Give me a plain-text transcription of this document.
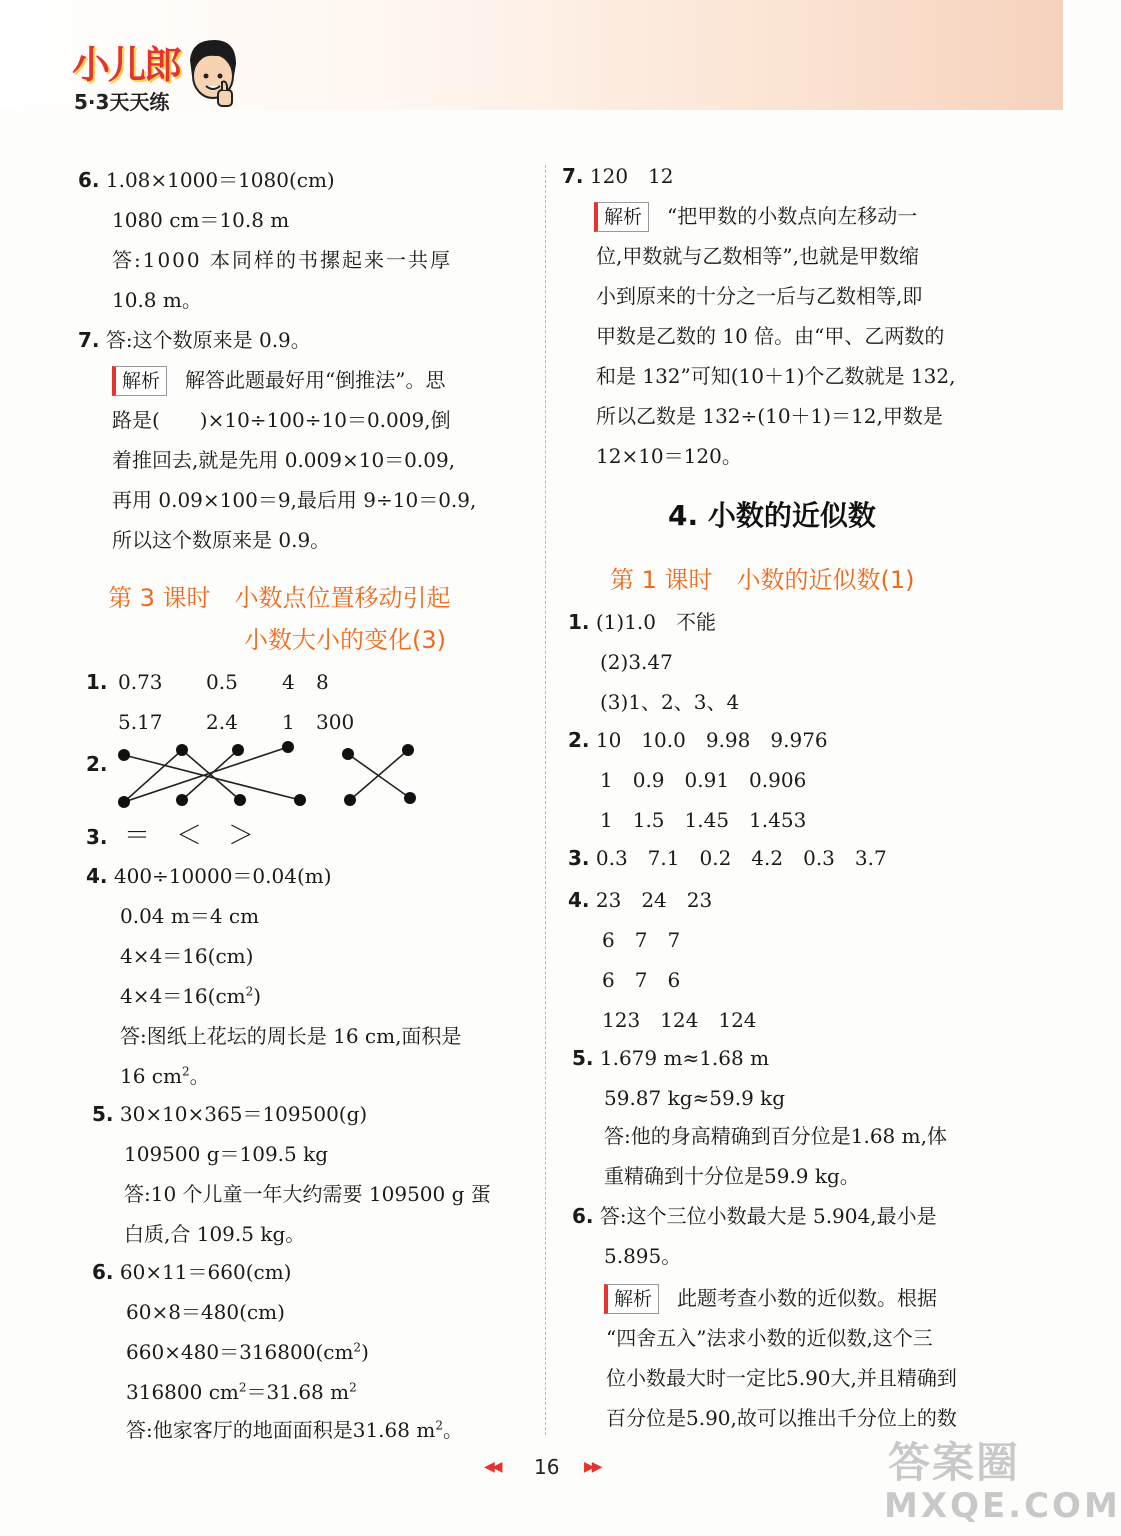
小儿郎
5·3天天练
6. 1.08×1000＝1080(cm)
1080 cm＝10.8 m
答:1000 本同样的书摞起来一共厚
10.8 m。
7. 答:这个数原来是 0.9。
解析 解答此题最好用“倒推法”。思
路是(　　)×10÷100÷10＝0.009,倒
着推回去,就是先用 0.009×10＝0.09,
再用 0.09×100＝9,最后用 9÷10＝0.9,
所以这个数原来是 0.9。
第 3 课时　小数点位置移动引起
小数大小的变化(3)
1. 0.73 0.5 4 8
5.17 2.4 1 300
2.
3. ＝　＜　＞
4. 400÷10000＝0.04(m)
0.04 m＝4 cm
4×4＝16(cm)
$4\times 4=16(cm^2)$
答:图纸上花坛的周长是 16 cm,面积是
16 $cm^2$。
5. 30×10×365＝109500(g)
109500 g＝109.5 kg
答:10 个儿童一年大约需要 109500 g 蛋
白质,合 109.5 kg。
6. 60×11＝660(cm)
60×8＝480(cm)
$660\times 480=316800(cm^2)$
316800 $cm^2=31.68$ $m^2$
答:他家客厅的地面面积是31.68 $m^2$。
7. 120　12
解析 “把甲数的小数点向左移动一
位,甲数就与乙数相等”,也就是甲数缩
小到原来的十分之一后与乙数相等,即
甲数是乙数的 10 倍。由“甲、乙两数的
和是 132”可知(10＋1)个乙数就是 132,
所以乙数是 132÷(10＋1)＝12,甲数是
12×10＝120。
4. 小数的近似数
第 1 课时　小数的近似数(1)
1. (1)1.0　不能
(2)3.47
(3)1、2、3、4
2. 10　10.0　9.98　9.976
1　0.9　0.91　0.906
1　1.5　1.45　1.453
3. 0.3　7.1　0.2　4.2　0.3　3.7
4. 23　24　23
6　7　7
6　7　6
123　124　124
5. 1.679 m≈1.68 m
59.87 kg≈59.9 kg
答:他的身高精确到百分位是1.68 m,体
重精确到十分位是59.9 kg。
6. 答:这个三位小数最大是 5.904,最小是
5.895。
解析 此题考查小数的近似数。根据
“四舍五入”法求小数的近似数,这个三
位小数最大时一定比5.90大,并且精确到
百分位是5.90,故可以推出千分位上的数
◀◀ 16 ▶▶	答案圈
MXQE.COM
